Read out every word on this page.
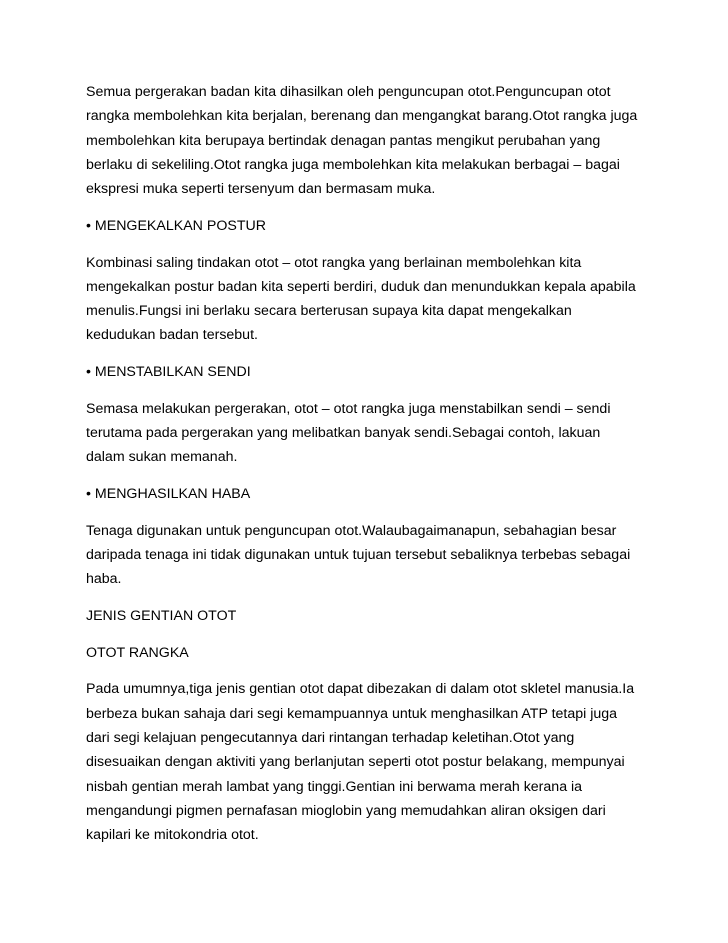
Semua pergerakan badan kita dihasilkan oleh penguncupan otot.Penguncupan otot
rangka membolehkan kita berjalan, berenang dan mengangkat barang.Otot rangka juga
membolehkan kita berupaya bertindak denagan pantas mengikut perubahan yang
berlaku di sekeliling.Otot rangka juga membolehkan kita melakukan berbagai – bagai
ekspresi muka seperti tersenyum dan bermasam muka.

• MENGEKALKAN POSTUR

Kombinasi saling tindakan otot – otot rangka yang berlainan membolehkan kita
mengekalkan postur badan kita seperti berdiri, duduk dan menundukkan kepala apabila
menulis.Fungsi ini berlaku secara berterusan supaya kita dapat mengekalkan
kedudukan badan tersebut.

• MENSTABILKAN SENDI

Semasa melakukan pergerakan, otot – otot rangka juga menstabilkan sendi – sendi
terutama pada pergerakan yang melibatkan banyak sendi.Sebagai contoh, lakuan
dalam sukan memanah.

• MENGHASILKAN HABA

Tenaga digunakan untuk penguncupan otot.Walaubagaimanapun, sebahagian besar
daripada tenaga ini tidak digunakan untuk tujuan tersebut sebaliknya terbebas sebagai
haba.

JENIS GENTIAN OTOT

OTOT RANGKA

Pada umumnya,tiga jenis gentian otot dapat dibezakan di dalam otot skletel manusia.Ia
berbeza bukan sahaja dari segi kemampuannya untuk menghasilkan ATP tetapi juga
dari segi kelajuan pengecutannya dari rintangan terhadap keletihan.Otot yang
disesuaikan dengan aktiviti yang berlanjutan seperti otot postur belakang, mempunyai
nisbah gentian merah lambat yang tinggi.Gentian ini berwama merah kerana ia
mengandungi pigmen pernafasan mioglobin yang memudahkan aliran oksigen dari
kapilari ke mitokondria otot.
